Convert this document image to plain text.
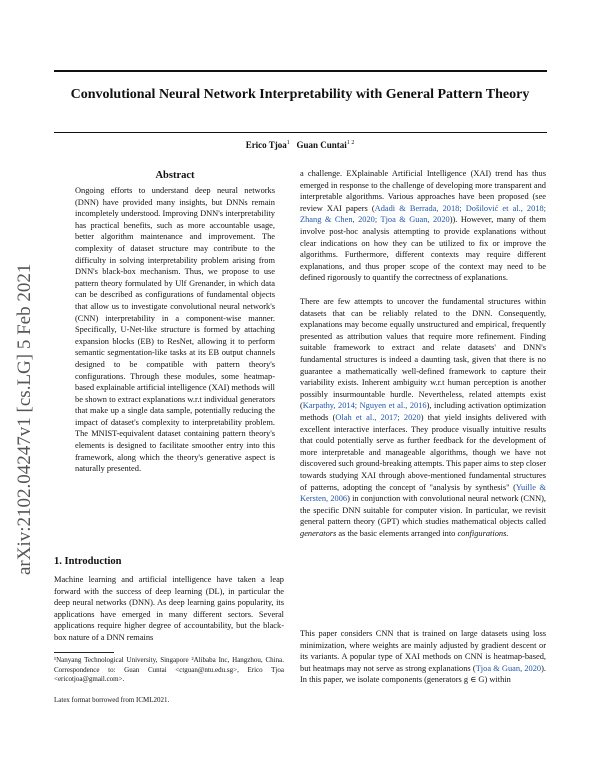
Convolutional Neural Network Interpretability with General Pattern Theory
Erico Tjoa$^1$ Guan Cuntai$^{1 2}$
arXiv:2102.04247v1 [cs.LG] 5 Feb 2021
Abstract
Ongoing efforts to understand deep neural networks (DNN) have provided many insights, but DNNs remain incompletely understood. Improving DNN's interpretability has practical benefits, such as more accountable usage, better algorithm maintenance and improvement. The complexity of dataset structure may contribute to the difficulty in solving interpretability problem arising from DNN's black-box mechanism. Thus, we propose to use pattern theory formulated by Ulf Grenander, in which data can be described as configurations of fundamental objects that allow us to investigate convolutional neural network's (CNN) interpretability in a component-wise manner. Specifically, U-Net-like structure is formed by attaching expansion blocks (EB) to ResNet, allowing it to perform semantic segmentation-like tasks at its EB output channels designed to be compatible with pattern theory's configurations. Through these modules, some heatmap-based explainable artificial intelligence (XAI) methods will be shown to extract explanations w.r.t individual generators that make up a single data sample, potentially reducing the impact of dataset's complexity to interpretability problem. The MNIST-equivalent dataset containing pattern theory's elements is designed to facilitate smoother entry into this framework, along which the theory's generative aspect is naturally presented.
1. Introduction
Machine learning and artificial intelligence have taken a leap forward with the success of deep learning (DL), in particular the deep neural networks (DNN). As deep learning gains popularity, its applications have emerged in many different sectors. Several applications require higher degree of accountability, but the black-box nature of a DNN remains
¹Nanyang Technological University, Singapore ²Alibaba Inc, Hangzhou, China. Correspondence to: Guan Cuntai <ctguan@ntu.edu.sg>, Erico Tjoa <ericotjoa@gmail.com>.
Latex format borrowed from ICML2021.
a challenge. EXplainable Artificial Intelligence (XAI) trend has thus emerged in response to the challenge of developing more transparent and interpretable algorithms. Various approaches have been proposed (see review XAI papers (Adadi & Berrada, 2018; Došilović et al., 2018; Zhang & Chen, 2020; Tjoa & Guan, 2020)). However, many of them involve post-hoc analysis attempting to provide explanations without clear indications on how they can be utilized to fix or improve the algorithms. Furthermore, different contexts may require different explanations, and thus proper scope of the context may need to be defined rigorously to quantify the correctness of explanations.
There are few attempts to uncover the fundamental structures within datasets that can be reliably related to the DNN. Consequently, explanations may become equally unstructured and empirical, frequently presented as attribution values that require more refinement. Finding suitable framework to extract and relate datasets' and DNN's fundamental structures is indeed a daunting task, given that there is no guarantee a mathematically well-defined framework to capture their variability exists. Inherent ambiguity w.r.t human perception is another possibly insurmountable hurdle. Nevertheless, related attempts exist (Karpathy, 2014; Nguyen et al., 2016), including activation optimization methods (Olah et al., 2017; 2020) that yield insights delivered with excellent interactive interfaces. They produce visually intuitive results that could potentially serve as further feedback for the development of more interpretable and manageable algorithms, though we have not discovered such ground-breaking attempts. This paper aims to step closer towards studying XAI through above-mentioned fundamental structures of patterns, adopting the concept of "analysis by synthesis" (Yuille & Kersten, 2006) in conjunction with convolutional neural network (CNN), the specific DNN suitable for computer vision. In particular, we revisit general pattern theory (GPT) which studies mathematical objects called generators as the basic elements arranged into configurations.
This paper considers CNN that is trained on large datasets using loss minimization, where weights are mainly adjusted by gradient descent or its variants. A popular type of XAI methods on CNN is heatmap-based, but heatmaps may not serve as strong explanations (Tjoa & Guan, 2020). In this paper, we isolate components (generators g ∈ G) within
